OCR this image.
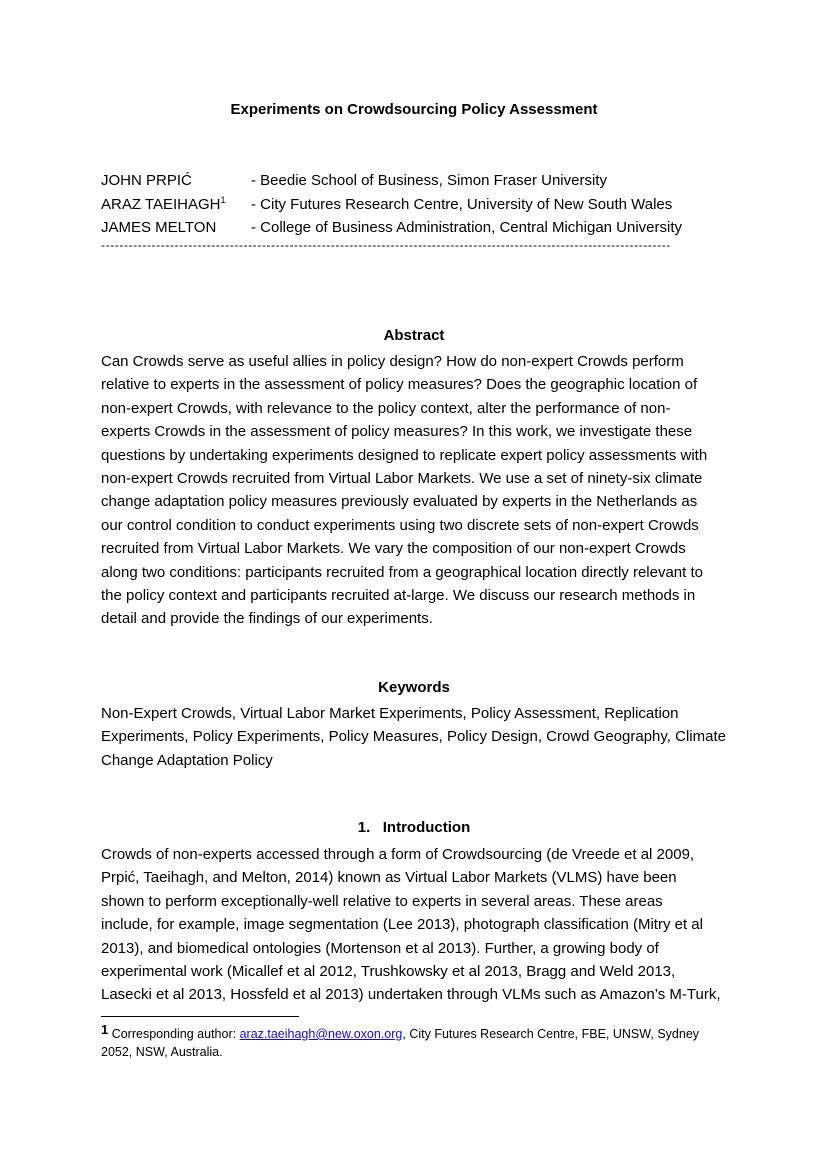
Experiments on Crowdsourcing Policy Assessment
JOHN PRPIĆ	- Beedie School of Business, Simon Fraser University
ARAZ TAEIHAGH$^1$	- City Futures Research Centre, University of New South Wales
JAMES MELTON	- College of Business Administration, Central Michigan University
----------------------------------------------------------------------------------------------------------------------------
Abstract
Can Crowds serve as useful allies in policy design? How do non-expert Crowds perform
relative to experts in the assessment of policy measures? Does the geographic location of
non-expert Crowds, with relevance to the policy context, alter the performance of non-
experts Crowds in the assessment of policy measures? In this work, we investigate these
questions by undertaking experiments designed to replicate expert policy assessments with
non-expert Crowds recruited from Virtual Labor Markets. We use a set of ninety-six climate
change adaptation policy measures previously evaluated by experts in the Netherlands as
our control condition to conduct experiments using two discrete sets of non-expert Crowds
recruited from Virtual Labor Markets. We vary the composition of our non-expert Crowds
along two conditions: participants recruited from a geographical location directly relevant to
the policy context and participants recruited at-large. We discuss our research methods in
detail and provide the findings of our experiments.
Keywords
Non-Expert Crowds, Virtual Labor Market Experiments, Policy Assessment, Replication
Experiments, Policy Experiments, Policy Measures, Policy Design, Crowd Geography, Climate
Change Adaptation Policy
1.   Introduction
Crowds of non-experts accessed through a form of Crowdsourcing (de Vreede et al 2009,
Prpić, Taeihagh, and Melton, 2014) known as Virtual Labor Markets (VLMS) have been
shown to perform exceptionally-well relative to experts in several areas. These areas
include, for example, image segmentation (Lee 2013), photograph classification (Mitry et al
2013), and biomedical ontologies (Mortenson et al 2013). Further, a growing body of
experimental work (Micallef et al 2012, Trushkowsky et al 2013, Bragg and Weld 2013,
Lasecki et al 2013, Hossfeld et al 2013) undertaken through VLMs such as Amazon’s M-Turk,
$^1$ Corresponding author: araz.taeihagh@new.oxon.org, City Futures Research Centre, FBE, UNSW, Sydney 2052, NSW, Australia.
